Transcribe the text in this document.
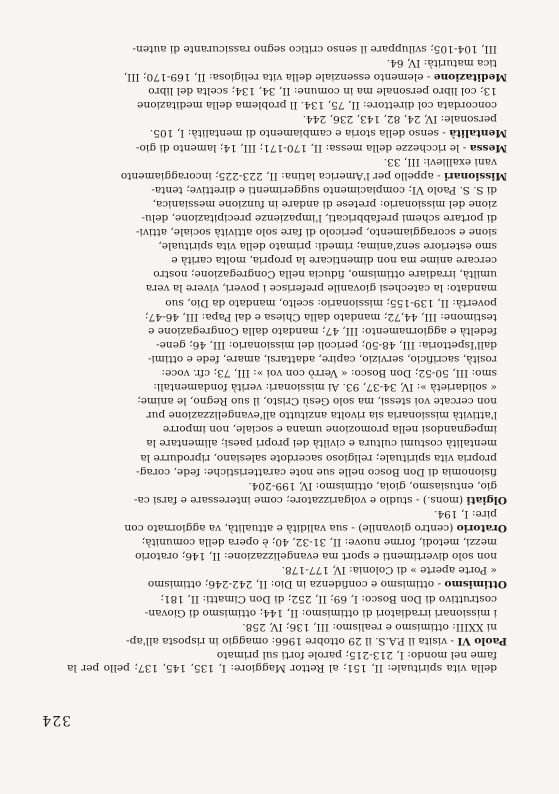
324
della vita spirituale: II, 151; al Rettor Maggiore: I, 135, 145, 137; pello per la fame nel mondo: I, 213-215; parole forti sul primato
Paolo VI - visita il P.A.S. il 29 ottobre 1966: omaggio in risposta all'ap-
ni XXIII: ottimismo e realismo: III, 136; IV, 258.
i missionari irradiatori di ottimismo: II, 144; ottimismo di Giovan-
costruttivo di Don Bosco: I, 69; II, 252; di Don Cimatti: II, 181;
Ottimismo - ottimismo e confidenza in Dio: II, 242-246; ottimismo
« Porte aperte » di Colonia: IV, 177-178.
non solo divertimenti e sport ma evangelizzazione: II, 146; oratorio
mezzi, metodi, forme nuove: II, 31-32, 40; è opera della comunità;
Oratorio (centro giovanile) - sua validità e attualità, va aggiornato con
pire: I, 194.
Olgiati (mons.) - studio e volgarizzatore; come interessare e farsi ca-
gio, entusiasmo, gioia, ottimismo: IV, 199-204.
fisionomia di Don Bosco nelle sue note caratteristiche: fede, corag-
propria vita spirituale; religioso sacerdote salesiano, riprodurre la
mentalità costumi cultura e civiltà dei propri paesi; alimentare la
impegnandosi nella promozione umana e sociale, non imporre
l'attività missionaria sia rivolta anzitutto all'evangelizzazione pur
non cercate voi stessi, ma solo Gesù Cristo, il suo Regno, le anime;
« solidarietà »: IV, 34-37, 93. Ai missionari: verità fondamentali:
smo: III, 50-52; Don Bosco: « Verrò con voi »: III, 73; cfr. voce:
rosità, sacrificio, servizio, capire, adattarsi, amare, fede e ottimi-
dall'Ispettoria: III, 48-50; pericoli del missionario: III, 46; gene-
fedeltà e aggiornamento: III, 47; mandato dalla Congregazione e
testimone: III, 44,72; mandato dalla Chiesa e dal Papa: III, 46-47;
povertà: II, 139-155; missionario: scelto, mandato da Dio, suo
mandato: la catechesi giovanile preferisce i poveri, vivere la vera
umiltà, irradiare ottimismo, fiducia nella Congregazione; nostro
cercare anime ma non dimenticare la propria, molta carità e
smo esteriore senz'anima; rimedi: primato della vita spirituale,
sione e scoraggiamento, pericolo di fare solo attività sociale, attivi-
di portare schemi prefabbricati, l'impazienze precipitazione, delu-
zione del missionario: pretese di andare in funzione messianica,
di S. S. Paolo VI; compiacimento suggerimenti e direttive; tenta-
Missionari - appello per l'America latina: II, 223-225; incoraggiamento
vani exallievi: III, 33.
Messa - le ricchezze della messa: II, 170-171; III, 14; lamento di gio-
Mentalità - senso della storia e cambiamento di mentalità: I, 105.
personale: IV, 24, 82, 143, 236, 244.
concordata col direttore: II, 75, 134. Il problema della meditazione
13; col libro personale ma in comune: II, 34, 134; scelta del libro
Meditazione - elemento essenziale della vita religiosa: II, 169-170; III,
tica maturità: IV, 64.
III, 104-105; sviluppare il senso critico segno rassicurante di auten-
